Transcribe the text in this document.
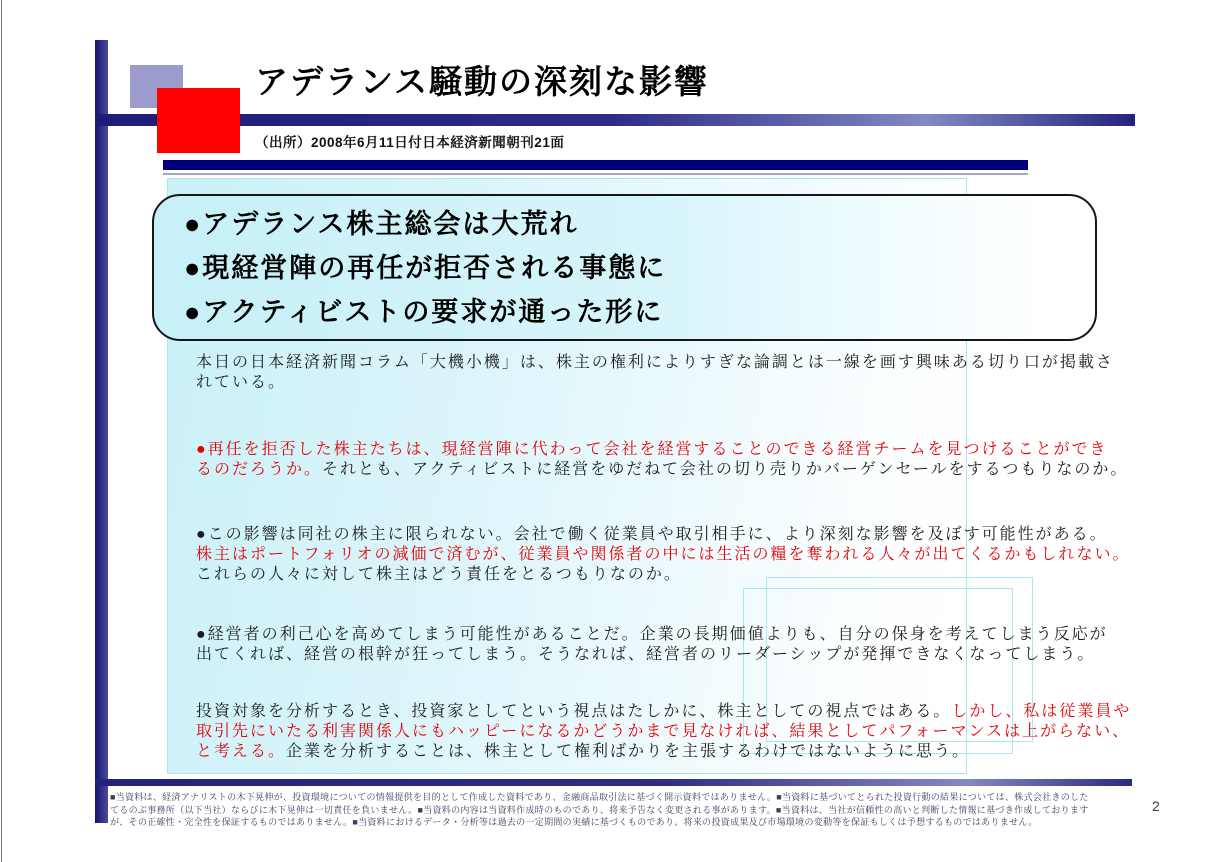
アデランス騒動の深刻な影響
（出所）2008年6月11日付日本経済新聞朝刊21面
●アデランス株主総会は大荒れ
●現経営陣の再任が拒否される事態に
●アクティビストの要求が通った形に
本日の日本経済新聞コラム「大機小機」は、株主の権利によりすぎな論調とは一線を画す興味ある切り口が掲載さ
れている。
●再任を拒否した株主たちは、現経営陣に代わって会社を経営することのできる経営チームを見つけることができ
るのだろうか。それとも、アクティビストに経営をゆだねて会社の切り売りかバーゲンセールをするつもりなのか。
●この影響は同社の株主に限られない。会社で働く従業員や取引相手に、より深刻な影響を及ぼす可能性がある。
株主はポートフォリオの減価で済むが、従業員や関係者の中には生活の糧を奪われる人々が出てくるかもしれない。
これらの人々に対して株主はどう責任をとるつもりなのか。
●経営者の利己心を高めてしまう可能性があることだ。企業の長期価値よりも、自分の保身を考えてしまう反応が
出てくれば、経営の根幹が狂ってしまう。そうなれば、経営者のリーダーシップが発揮できなくなってしまう。
投資対象を分析するとき、投資家としてという視点はたしかに、株主としての視点ではある。しかし、私は従業員や
取引先にいたる利害関係人にもハッピーになるかどうかまで見なければ、結果としてパフォーマンスは上がらない、
と考える。企業を分析することは、株主として権利ばかりを主張するわけではないように思う。
■当資料は、経済アナリストの木下晃伸が、投資環境についての情報提供を目的として作成した資料であり、金融商品取引法に基づく開示資料ではありません。■当資料に基づいてとられた投資行動の結果については、株式会社きのした
てるのぶ事務所（以下当社）ならびに木下晃伸は一切責任を負いません。■当資料の内容は当資料作成時のものであり、将来予告なく変更される事があります。■当資料は、当社が信頼性の高いと判断した情報に基づき作成しております
が、その正確性・完全性を保証するものではありません。■当資料におけるデータ・分析等は過去の一定期間の実績に基づくものであり、将来の投資成果及び市場環境の変動等を保証もしくは予想するものではありません。
2
